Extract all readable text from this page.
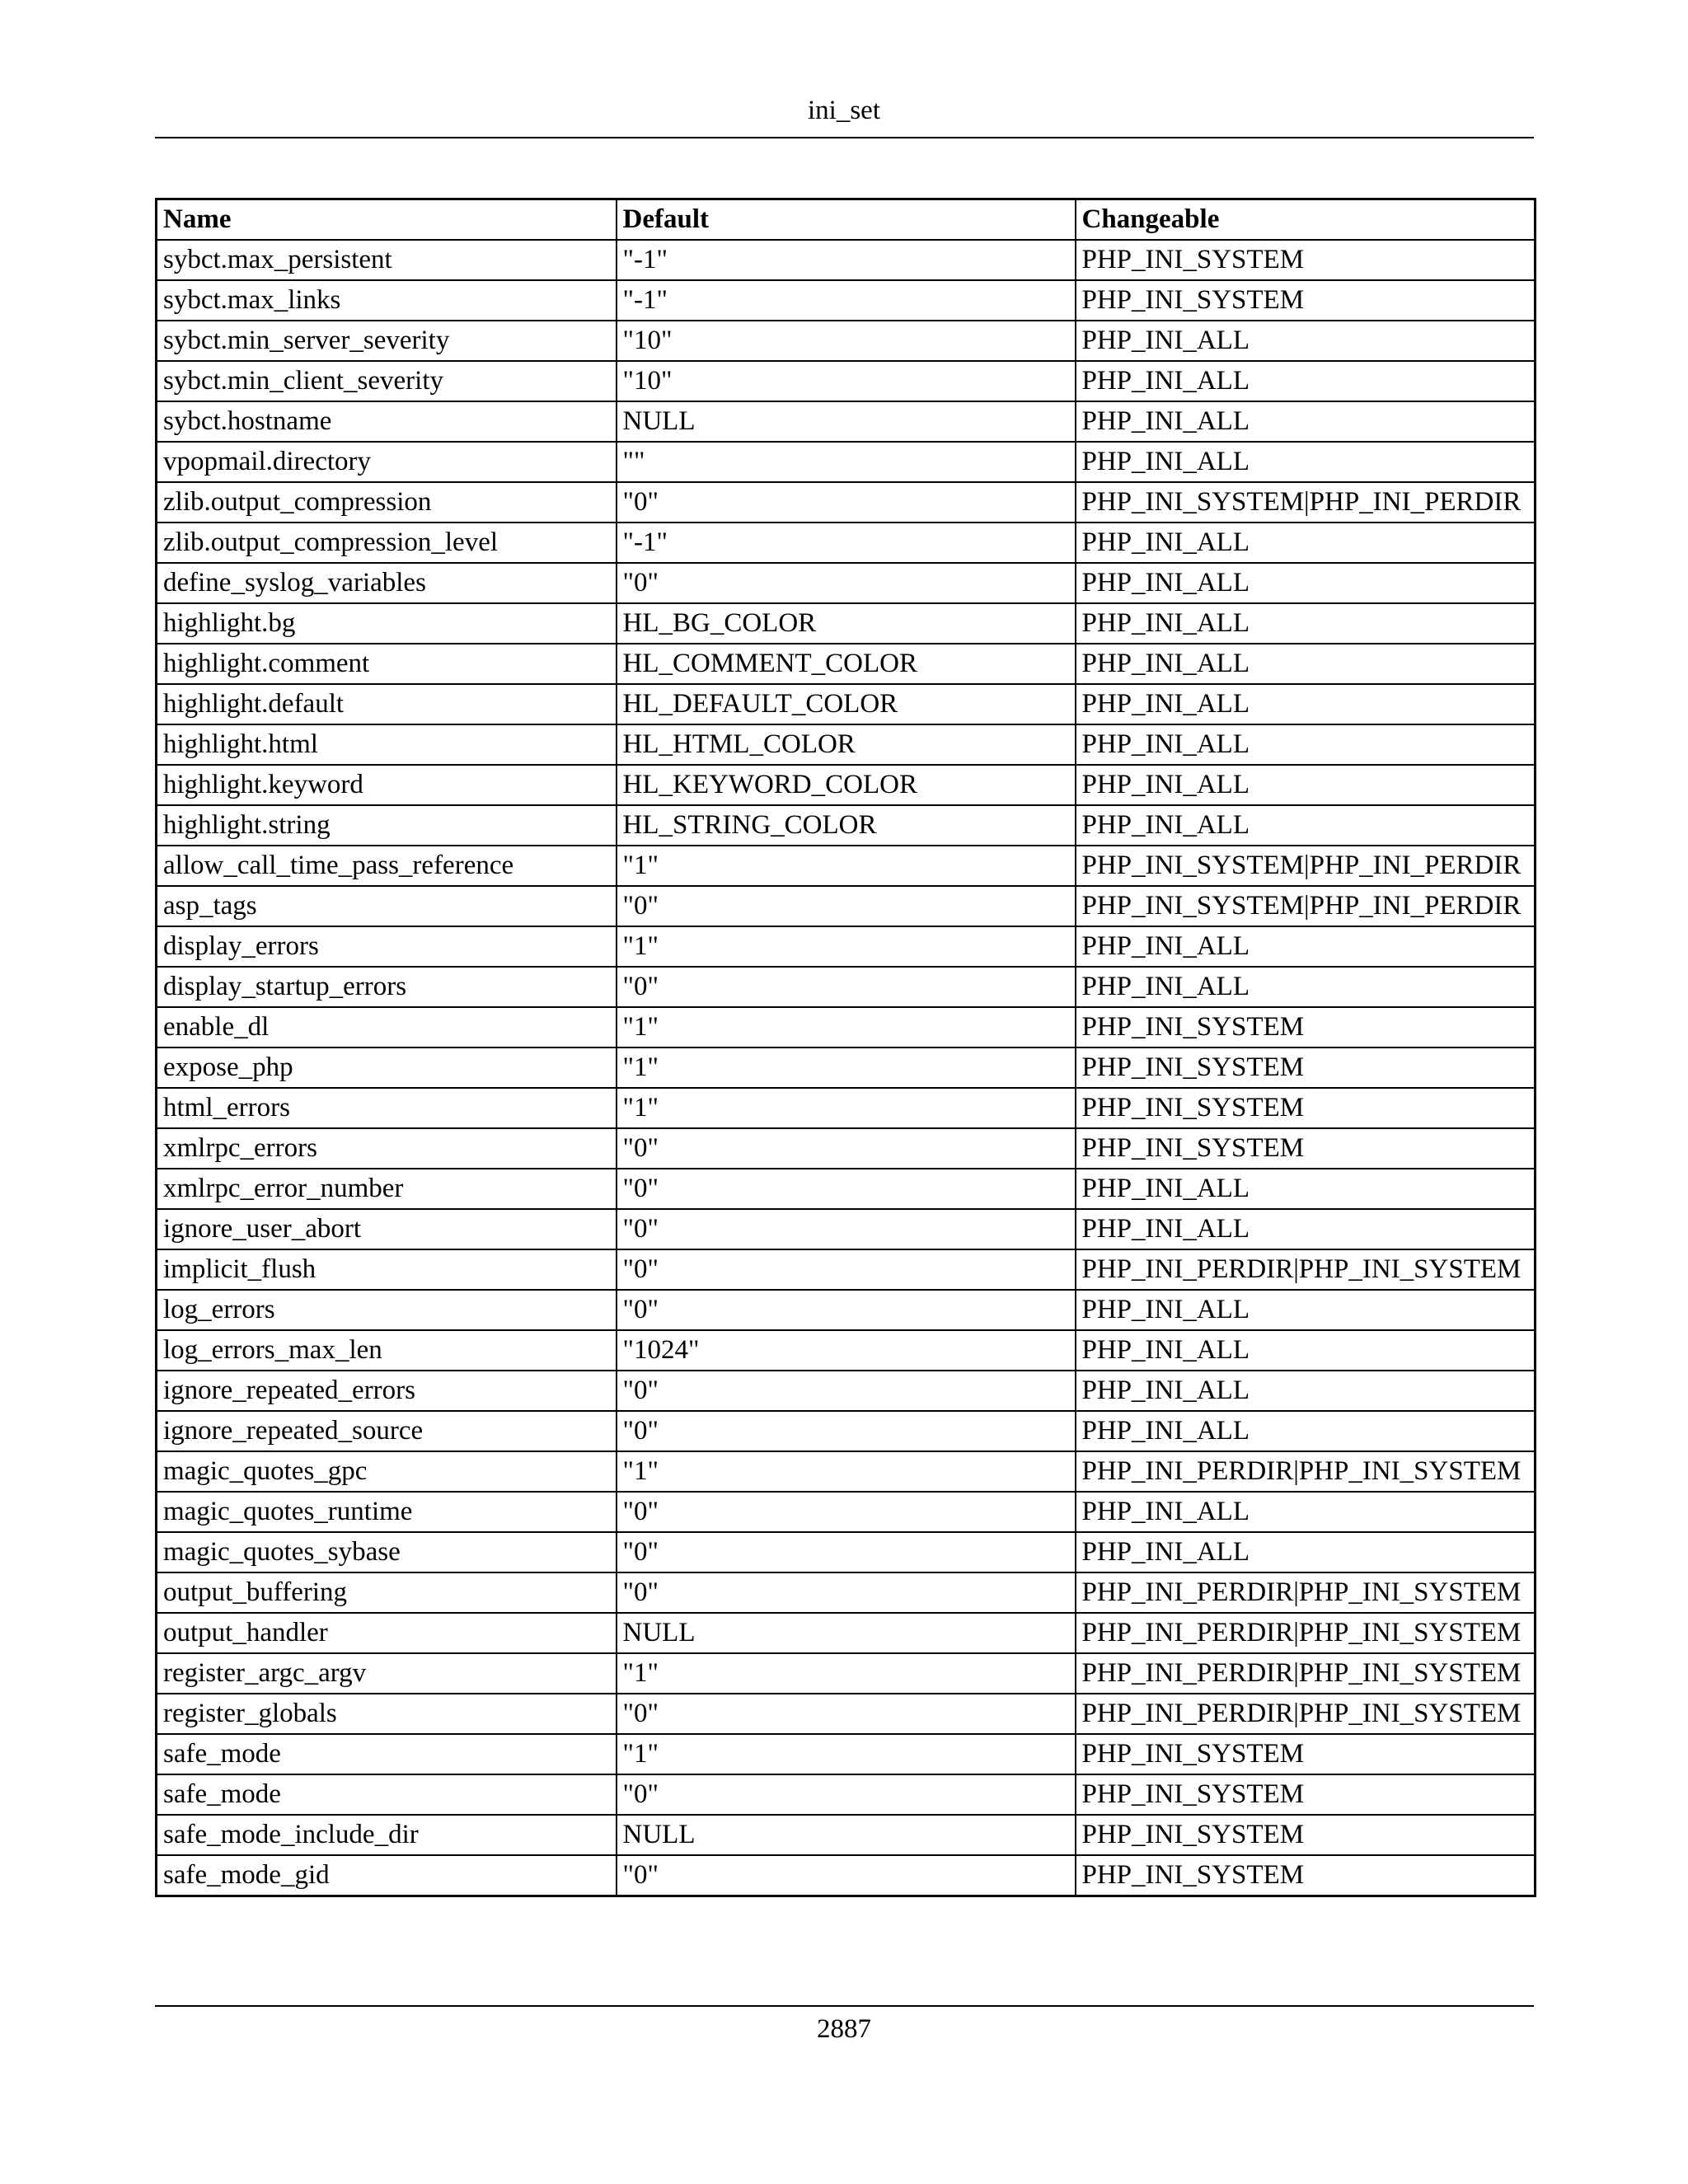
ini_set
Name	Default	Changeable
sybct.max_persistent	"-1"	PHP_INI_SYSTEM
sybct.max_links	"-1"	PHP_INI_SYSTEM
sybct.min_server_severity	"10"	PHP_INI_ALL
sybct.min_client_severity	"10"	PHP_INI_ALL
sybct.hostname	NULL	PHP_INI_ALL
vpopmail.directory	""	PHP_INI_ALL
zlib.output_compression	"0"	PHP_INI_SYSTEM|PHP_INI_PERDIR
zlib.output_compression_level	"-1"	PHP_INI_ALL
define_syslog_variables	"0"	PHP_INI_ALL
highlight.bg	HL_BG_COLOR	PHP_INI_ALL
highlight.comment	HL_COMMENT_COLOR	PHP_INI_ALL
highlight.default	HL_DEFAULT_COLOR	PHP_INI_ALL
highlight.html	HL_HTML_COLOR	PHP_INI_ALL
highlight.keyword	HL_KEYWORD_COLOR	PHP_INI_ALL
highlight.string	HL_STRING_COLOR	PHP_INI_ALL
allow_call_time_pass_reference	"1"	PHP_INI_SYSTEM|PHP_INI_PERDIR
asp_tags	"0"	PHP_INI_SYSTEM|PHP_INI_PERDIR
display_errors	"1"	PHP_INI_ALL
display_startup_errors	"0"	PHP_INI_ALL
enable_dl	"1"	PHP_INI_SYSTEM
expose_php	"1"	PHP_INI_SYSTEM
html_errors	"1"	PHP_INI_SYSTEM
xmlrpc_errors	"0"	PHP_INI_SYSTEM
xmlrpc_error_number	"0"	PHP_INI_ALL
ignore_user_abort	"0"	PHP_INI_ALL
implicit_flush	"0"	PHP_INI_PERDIR|PHP_INI_SYSTEM
log_errors	"0"	PHP_INI_ALL
log_errors_max_len	"1024"	PHP_INI_ALL
ignore_repeated_errors	"0"	PHP_INI_ALL
ignore_repeated_source	"0"	PHP_INI_ALL
magic_quotes_gpc	"1"	PHP_INI_PERDIR|PHP_INI_SYSTEM
magic_quotes_runtime	"0"	PHP_INI_ALL
magic_quotes_sybase	"0"	PHP_INI_ALL
output_buffering	"0"	PHP_INI_PERDIR|PHP_INI_SYSTEM
output_handler	NULL	PHP_INI_PERDIR|PHP_INI_SYSTEM
register_argc_argv	"1"	PHP_INI_PERDIR|PHP_INI_SYSTEM
register_globals	"0"	PHP_INI_PERDIR|PHP_INI_SYSTEM
safe_mode	"1"	PHP_INI_SYSTEM
safe_mode	"0"	PHP_INI_SYSTEM
safe_mode_include_dir	NULL	PHP_INI_SYSTEM
safe_mode_gid	"0"	PHP_INI_SYSTEM
2887
